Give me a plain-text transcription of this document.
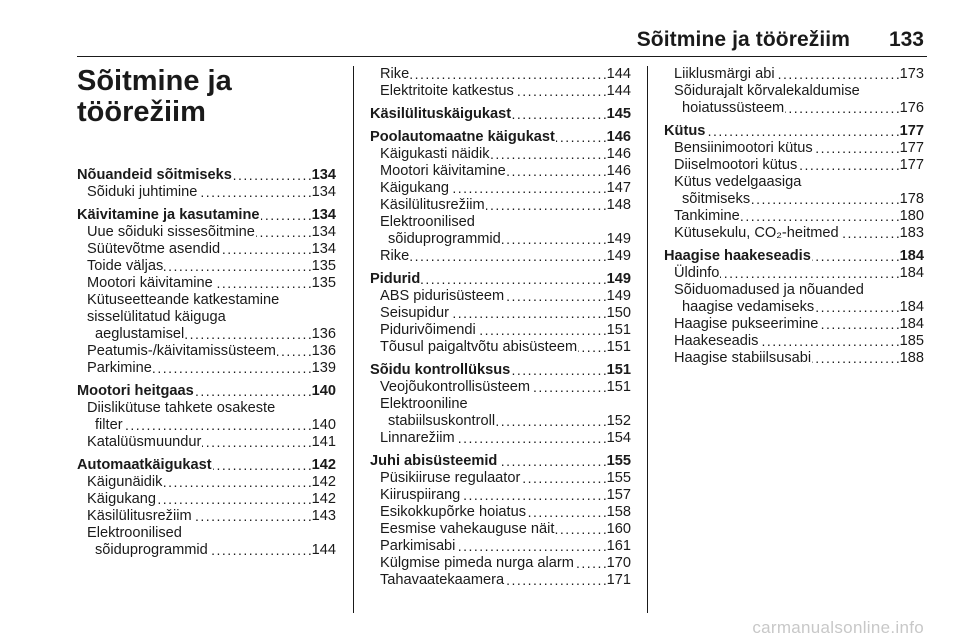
Sõitmine ja töörežiim 133
Sõitmine ja
töörežiim
Nõuandeid sõitmiseks . . .	134
Sõiduki juhtimine . . .	134
Käivitamine ja kasutamine . . .	134
Uue sõiduki sissesõitmine . . .	134
Süütevõtme asendid . . .	134
Toide väljas . . .	135
Mootori käivitamine . . .	135
Kütuseetteande katkestamine
sisselülitatud käiguga
aeglustamisel . . .	136
Peatumis-/käivitamissüsteem . . . 136
Parkimine . . .	139
Mootori heitgaas . . .	140
Diislikütuse tahkete osakeste
filter . . .	140
Katalüüsmuundur . . .	141
Automaatkäigukast . . .	142
Käigunäidik . . .	142
Käigukang . . .	142
Käsilülitusrežiim . . .	143
Elektroonilised
sõiduprogrammid . . .	144
Rike . . .	144
Elektritoite katkestus . . .	144
Käsilülituskäigukast . . .	145
Poolautomaatne käigukast . . .	146
Käigukasti näidik . . .	146
Mootori käivitamine . . .	146
Käigukang . . .	147
Käsilülitusrežiim . . .	148
Elektroonilised
sõiduprogrammid . . .	149
Rike . . .	149
Pidurid . . .	149
ABS pidurisüsteem . . .	149
Seisupidur . . .	150
Pidurivõimendi . . .	151
Tõusul paigaltvõtu abisüsteem . . . 151
Sõidu kontrollüksus . . .	151
Veojõukontrollisüsteem . . .	151
Elektrooniline
stabiilsuskontroll . . .	152
Linnarežiim . . .	154
Juhi abisüsteemid . . .	155
Püsikiiruse regulaator . . .	155
Kiiruspiirang . . .	157
Esikokkupõrke hoiatus . . .	158
Eesmise vahekauguse näit . . .	160
Parkimisabi . . .	161
Külgmise pimeda nurga alarm . . . 170
Tahavaatekaamera . . .	171
Liiklusmärgi abi . . .	173
Sõidurajalt kõrvalekaldumise
hoiatussüsteem . . .	176
Kütus . . .	177
Bensiinimootori kütus . . .	177
Diiselmootori kütus . . .	177
Kütus vedelgaasiga
sõitmiseks . . .	178
Tankimine . . .	180
Kütusekulu, CO₂-heitmed . . .	183
Haagise haakeseadis . . .	184
Üldinfo . . .	184
Sõiduomadused ja nõuanded
haagise vedamiseks . . .	184
Haagise pukseerimine . . .	184
Haakeseadis . . .	185
Haagise stabiilsusabi . . .	188
carmanualsonline.info
